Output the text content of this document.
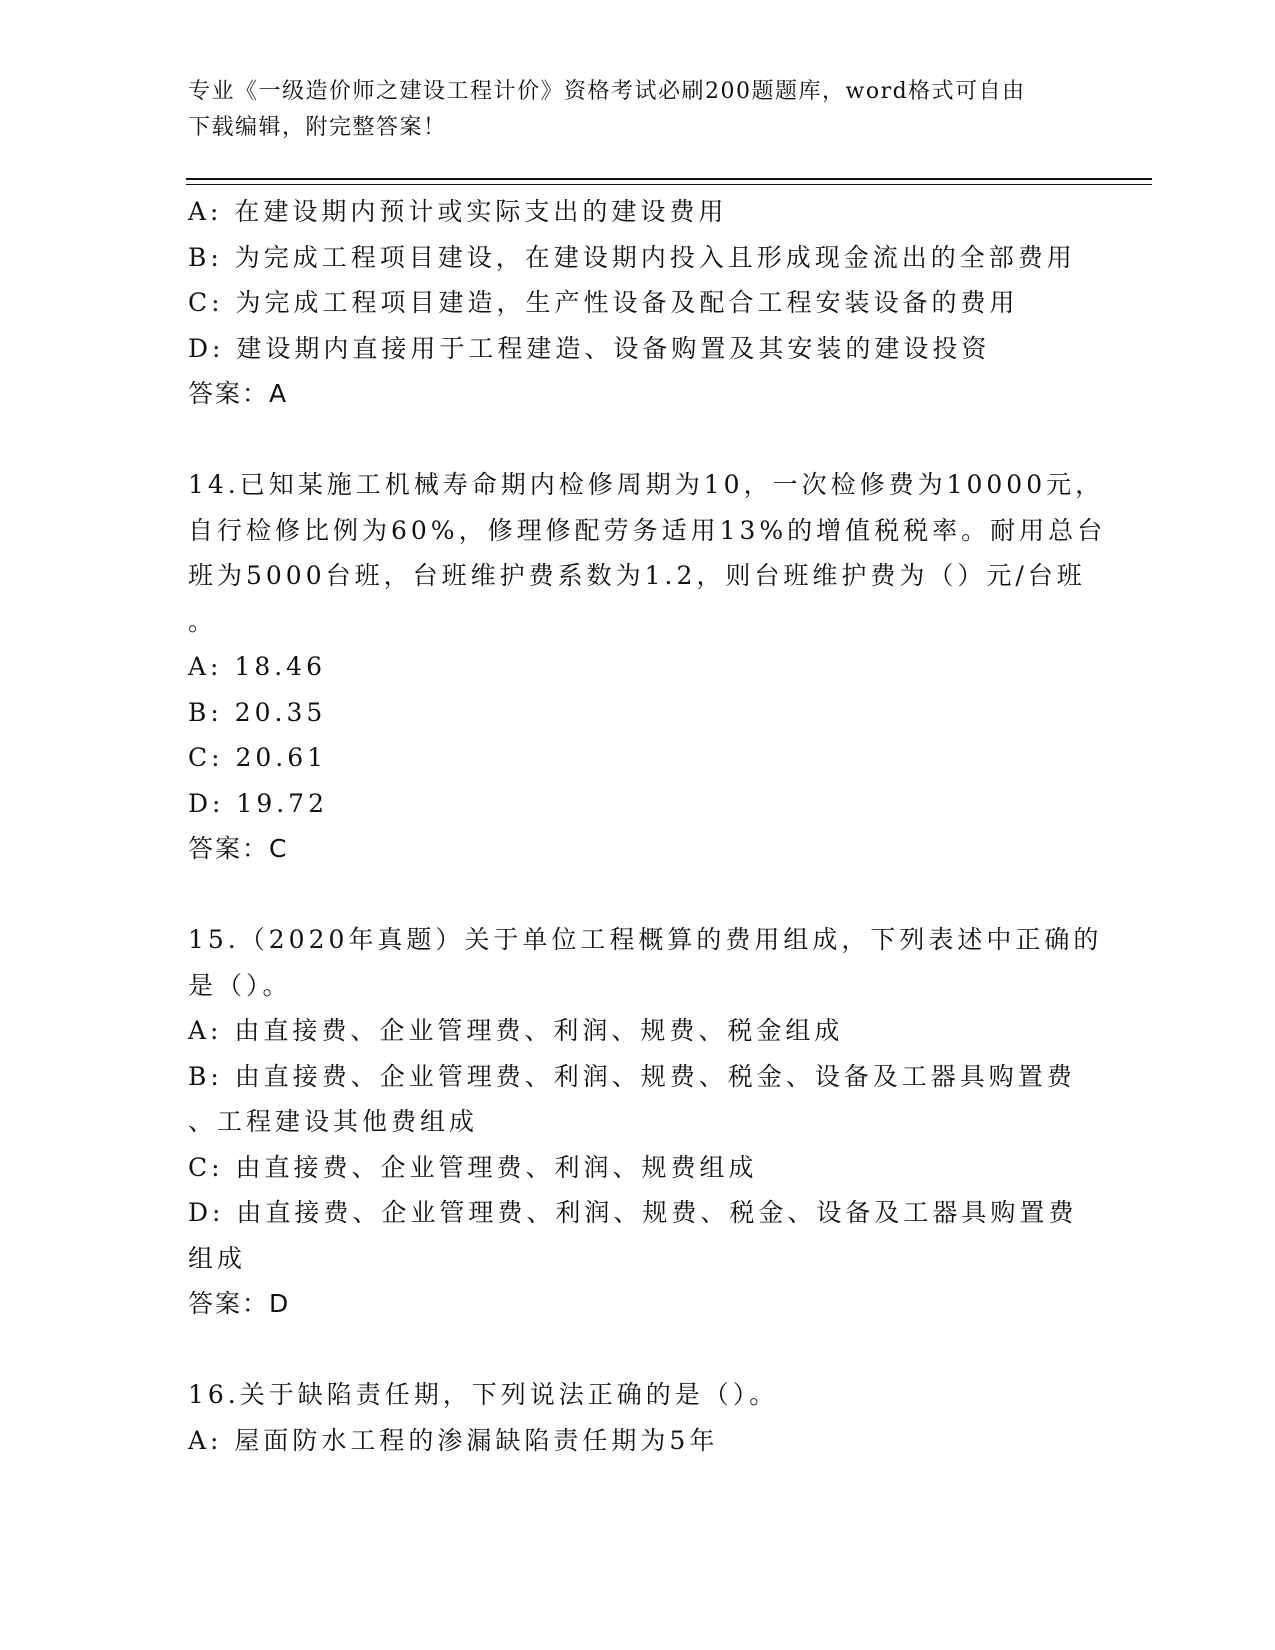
专业《一级造价师之建设工程计价》资格考试必刷200题题库，word格式可自由
下载编辑，附完整答案！
A: 在建设期内预计或实际支出的建设费用
B: 为完成工程项目建设，在建设期内投入且形成现金流出的全部费用
C: 为完成工程项目建造，生产性设备及配合工程安装设备的费用
D: 建设期内直接用于工程建造、设备购置及其安装的建设投资
答案：A
14.已知某施工机械寿命期内检修周期为10，一次检修费为10000元，
自行检修比例为60%，修理修配劳务适用13%的增值税税率。耐用总台
班为5000台班，台班维护费系数为1.2，则台班维护费为（）元/台班
。
A: 18.46
B: 20.35
C: 20.61
D: 19.72
答案：C
15.（2020年真题）关于单位工程概算的费用组成，下列表述中正确的
是（）。
A: 由直接费、企业管理费、利润、规费、税金组成
B: 由直接费、企业管理费、利润、规费、税金、设备及工器具购置费
、工程建设其他费组成
C: 由直接费、企业管理费、利润、规费组成
D: 由直接费、企业管理费、利润、规费、税金、设备及工器具购置费
组成
答案：D
16.关于缺陷责任期，下列说法正确的是（）。
A: 屋面防水工程的渗漏缺陷责任期为5年
